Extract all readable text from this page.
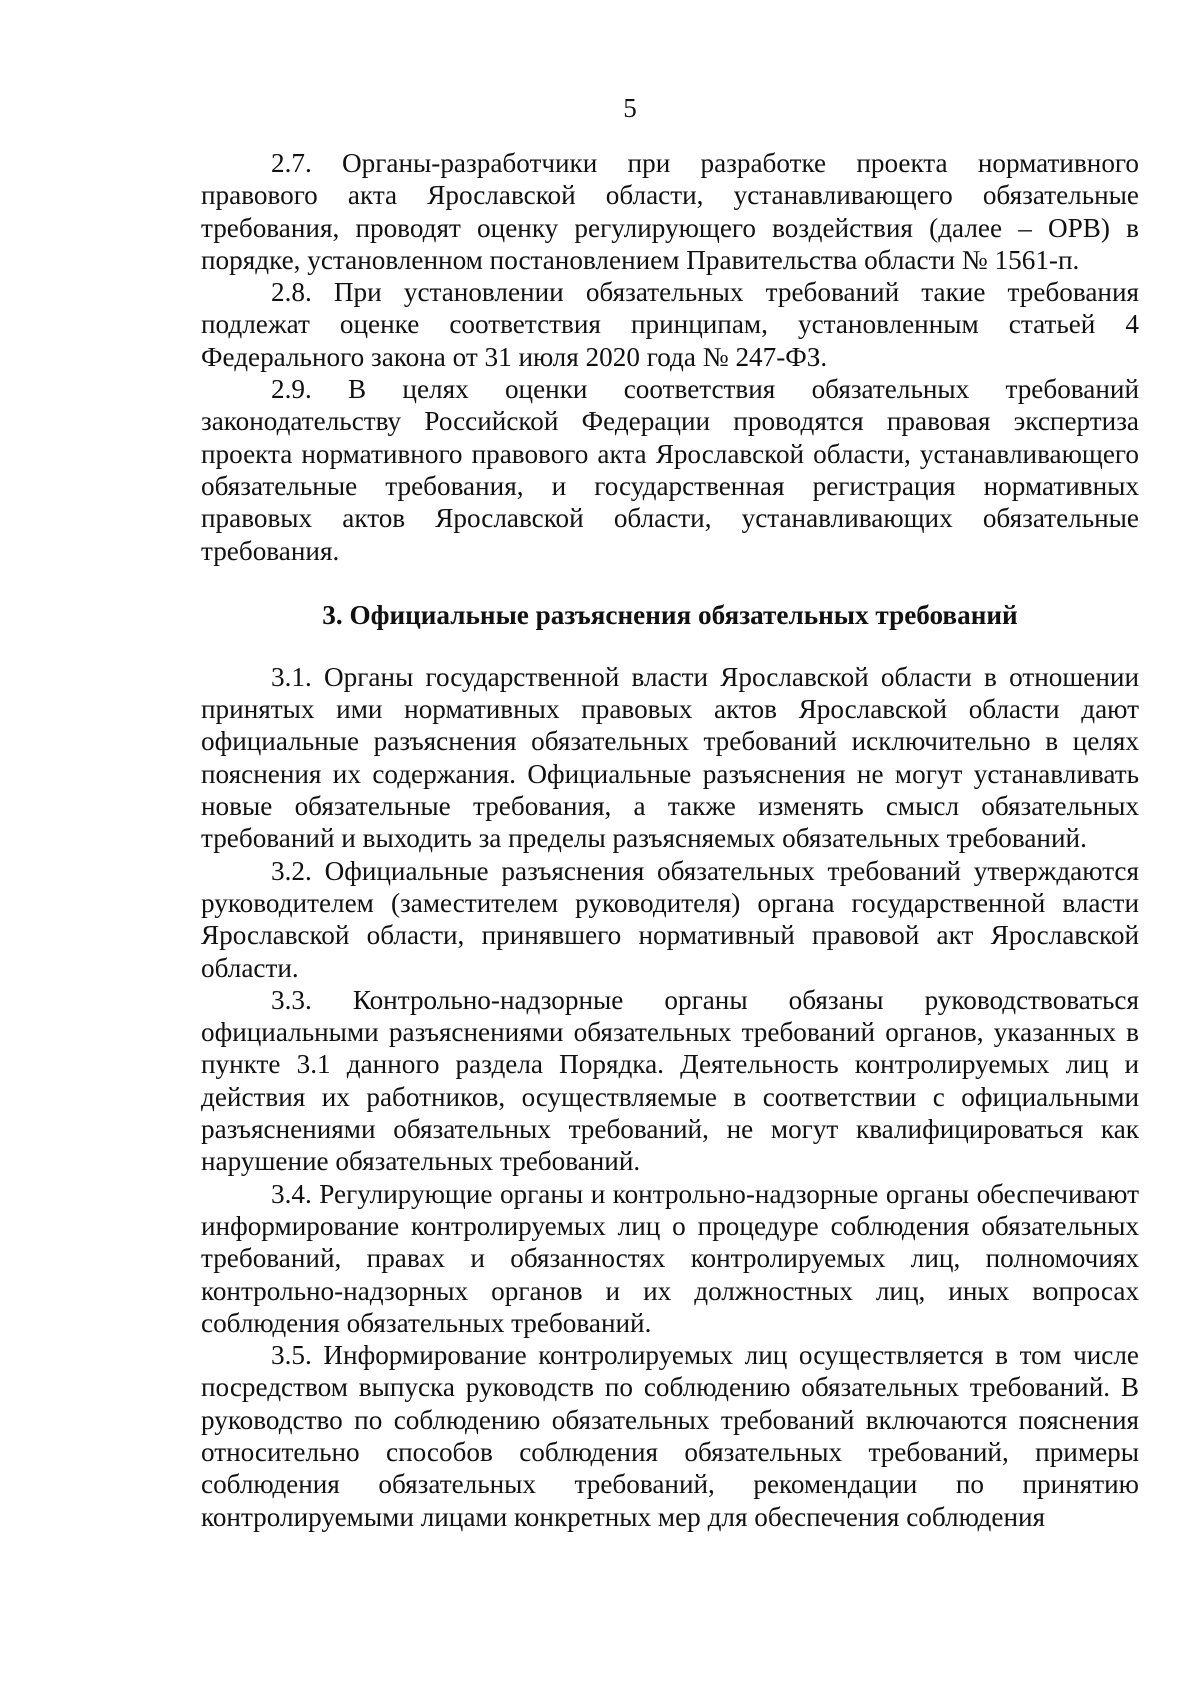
5

2.7. Органы-разработчики при разработке проекта нормативного правового акта Ярославской области, устанавливающего обязательные требования, проводят оценку регулирующего воздействия (далее – ОРВ) в порядке, установленном постановлением Правительства области № 1561-п.

2.8. При установлении обязательных требований такие требования подлежат оценке соответствия принципам, установленным статьей 4 Федерального закона от 31 июля 2020 года № 247-ФЗ.

2.9. В целях оценки соответствия обязательных требований законодательству Российской Федерации проводятся правовая экспертиза проекта нормативного правового акта Ярославской области, устанавливающего обязательные требования, и государственная регистрация нормативных правовых актов Ярославской области, устанавливающих обязательные требования.

3. Официальные разъяснения обязательных требований

3.1. Органы государственной власти Ярославской области в отношении принятых ими нормативных правовых актов Ярославской области дают официальные разъяснения обязательных требований исключительно в целях пояснения их содержания. Официальные разъяснения не могут устанавливать новые обязательные требования, а также изменять смысл обязательных требований и выходить за пределы разъясняемых обязательных требований.

3.2. Официальные разъяснения обязательных требований утверждаются руководителем (заместителем руководителя) органа государственной власти Ярославской области, принявшего нормативный правовой акт Ярославской области.

3.3. Контрольно-надзорные органы обязаны руководствоваться официальными разъяснениями обязательных требований органов, указанных в пункте 3.1 данного раздела Порядка. Деятельность контролируемых лиц и действия их работников, осуществляемые в соответствии с официальными разъяснениями обязательных требований, не могут квалифицироваться как нарушение обязательных требований.

3.4. Регулирующие органы и контрольно-надзорные органы обеспечивают информирование контролируемых лиц о процедуре соблюдения обязательных требований, правах и обязанностях контролируемых лиц, полномочиях контрольно-надзорных органов и их должностных лиц, иных вопросах соблюдения обязательных требований.

3.5. Информирование контролируемых лиц осуществляется в том числе посредством выпуска руководств по соблюдению обязательных требований. В руководство по соблюдению обязательных требований включаются пояснения относительно способов соблюдения обязательных требований, примеры соблюдения обязательных требований, рекомендации по принятию контролируемыми лицами конкретных мер для обеспечения соблюдения
